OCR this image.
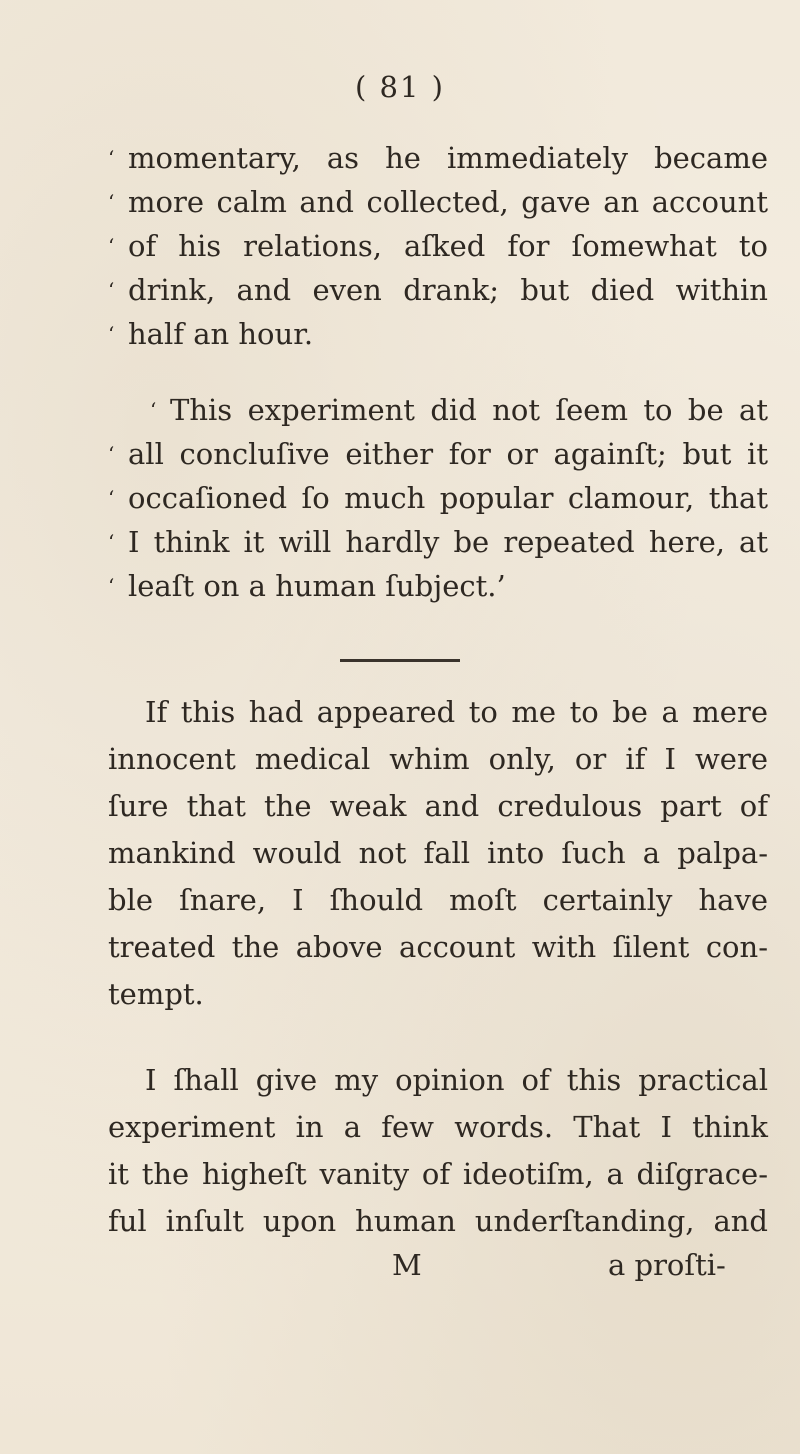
( 81 )
‘ momentary, as he immediately became
‘ more calm and collected, gave an account
‘ of his relations, aſked for ſomewhat to
‘ drink, and even drank; but died within
‘ half an hour.
‘ This experiment did not ſeem to be at
‘ all concluſive either for or againſt; but it
‘ occaſioned ſo much popular clamour, that
‘ I think it will hardly be repeated here, at
‘ leaſt on a human ſubject.’
If this had appeared to me to be a mere
innocent medical whim only, or if I were
ſure that the weak and credulous part of
mankind would not fall into ſuch a palpa-
ble ſnare, I ſhould moſt certainly have
treated the above account with ſilent con-
tempt.
I ſhall give my opinion of this practical
experiment in a few words. That I think
it the higheſt vanity of ideotiſm, a diſgrace-
ful inſult upon human underſtanding, and
M	a proſti-
